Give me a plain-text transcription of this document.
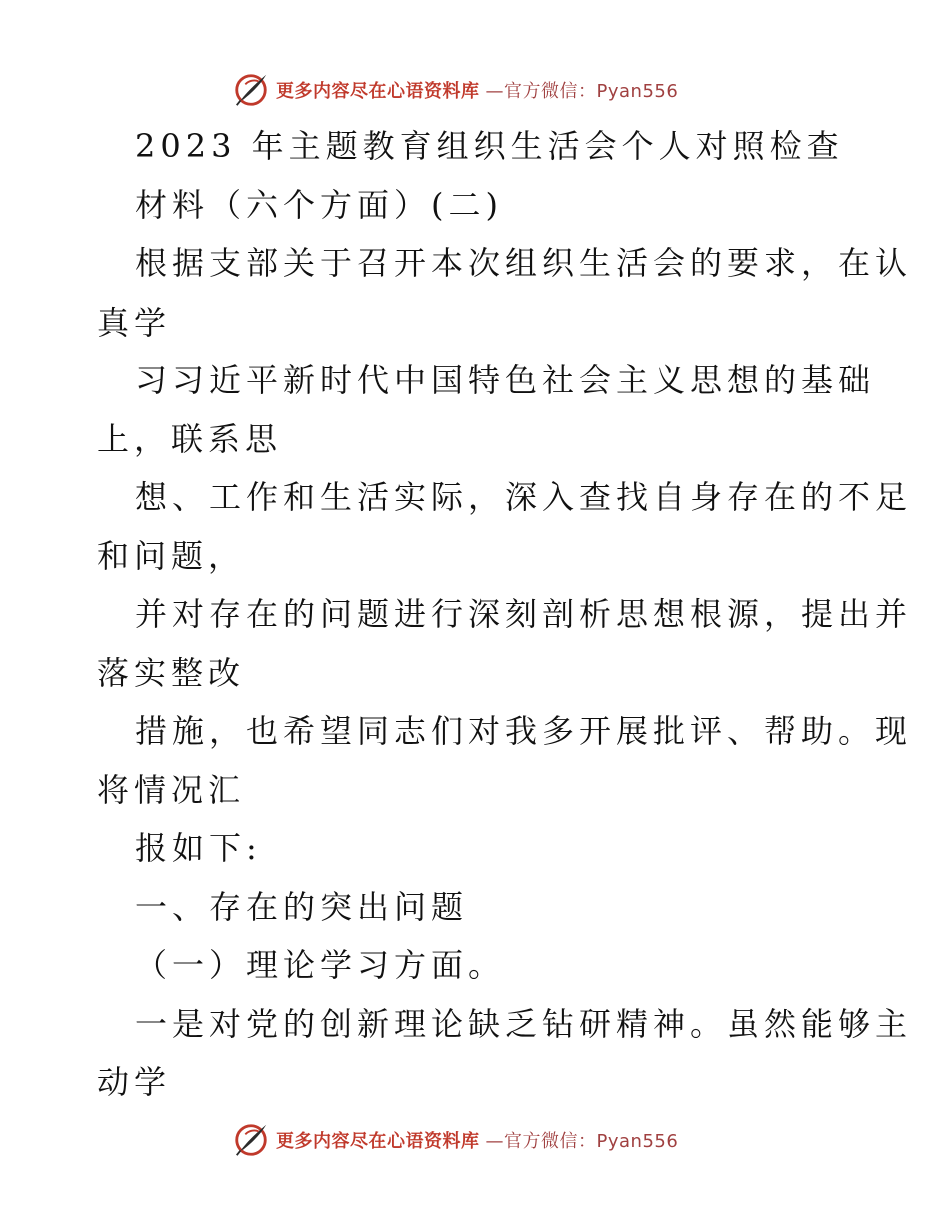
更多内容尽在心语资料库 —官方微信：Pyan556
2023 年主题教育组织生活会个人对照检查
材料（六个方面）(二)
根据支部关于召开本次组织生活会的要求，在认
真学
习习近平新时代中国特色社会主义思想的基础
上，联系思
想、工作和生活实际，深入查找自身存在的不足
和问题，
并对存在的问题进行深刻剖析思想根源，提出并
落实整改
措施，也希望同志们对我多开展批评、帮助。现
将情况汇
报如下:
一、存在的突出问题
（一）理论学习方面。
一是对党的创新理论缺乏钻研精神。虽然能够主
动学
更多内容尽在心语资料库 —官方微信：Pyan556
